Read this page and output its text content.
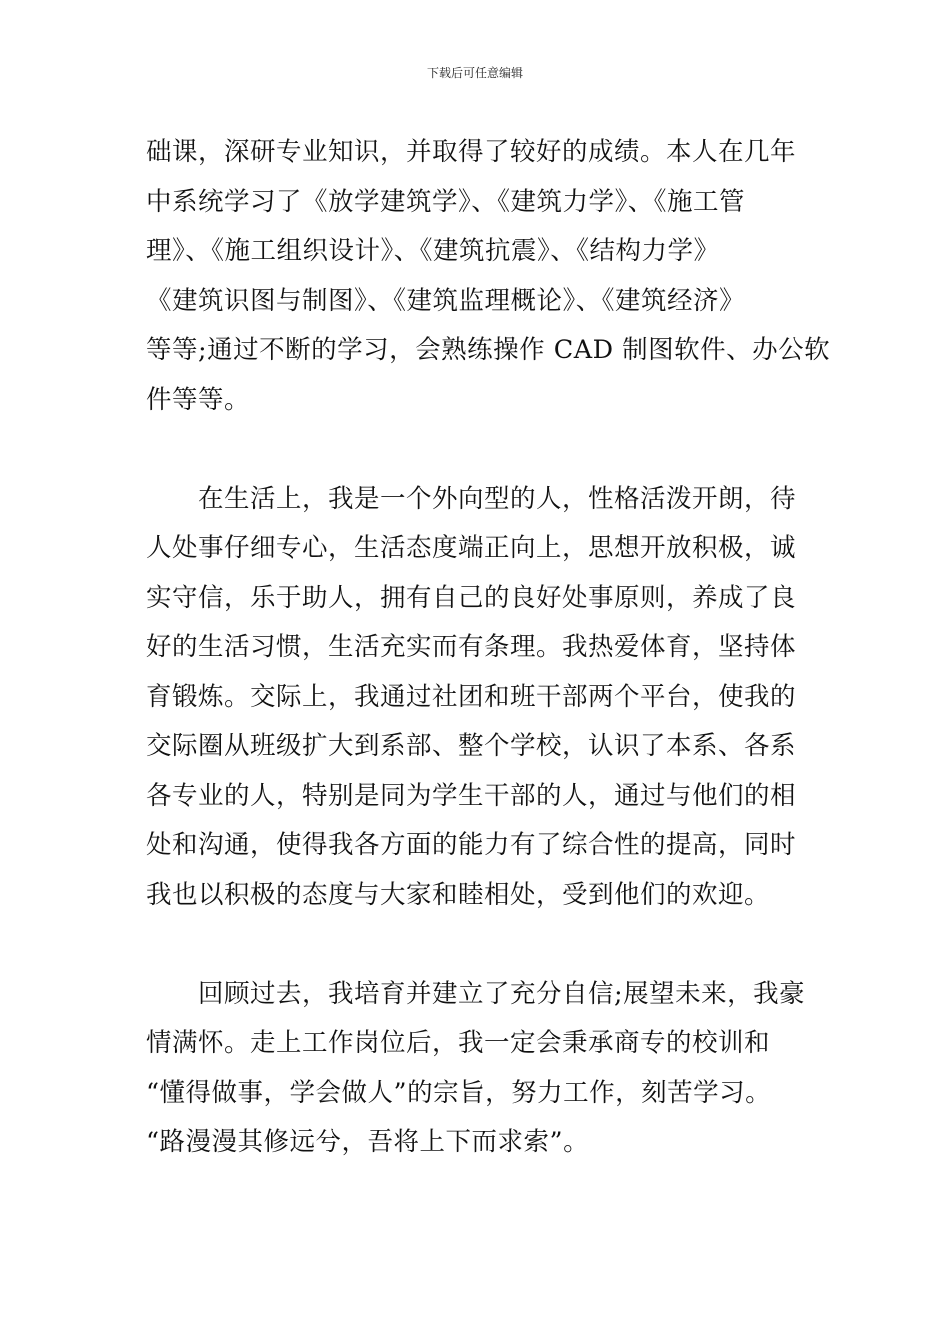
下载后可任意编辑
础课，深研专业知识，并取得了较好的成绩。本人在几年
中系统学习了《放学建筑学》、《建筑力学》、《施工管
理》、《施工组织设计》、《建筑抗震》、《结构力学》
《建筑识图与制图》、《建筑监理概论》、《建筑经济》
等等;通过不断的学习，会熟练操作 CAD 制图软件、办公软
件等等。
在生活上，我是一个外向型的人，性格活泼开朗，待
人处事仔细专心，生活态度端正向上，思想开放积极，诚
实守信，乐于助人，拥有自己的良好处事原则，养成了良
好的生活习惯，生活充实而有条理。我热爱体育，坚持体
育锻炼。交际上，我通过社团和班干部两个平台，使我的
交际圈从班级扩大到系部、整个学校，认识了本系、各系
各专业的人，特别是同为学生干部的人，通过与他们的相
处和沟通，使得我各方面的能力有了综合性的提高，同时
我也以积极的态度与大家和睦相处，受到他们的欢迎。
回顾过去，我培育并建立了充分自信;展望未来，我豪
情满怀。走上工作岗位后，我一定会秉承商专的校训和
“懂得做事，学会做人”的宗旨，努力工作，刻苦学习。
“路漫漫其修远兮，吾将上下而求索”。
